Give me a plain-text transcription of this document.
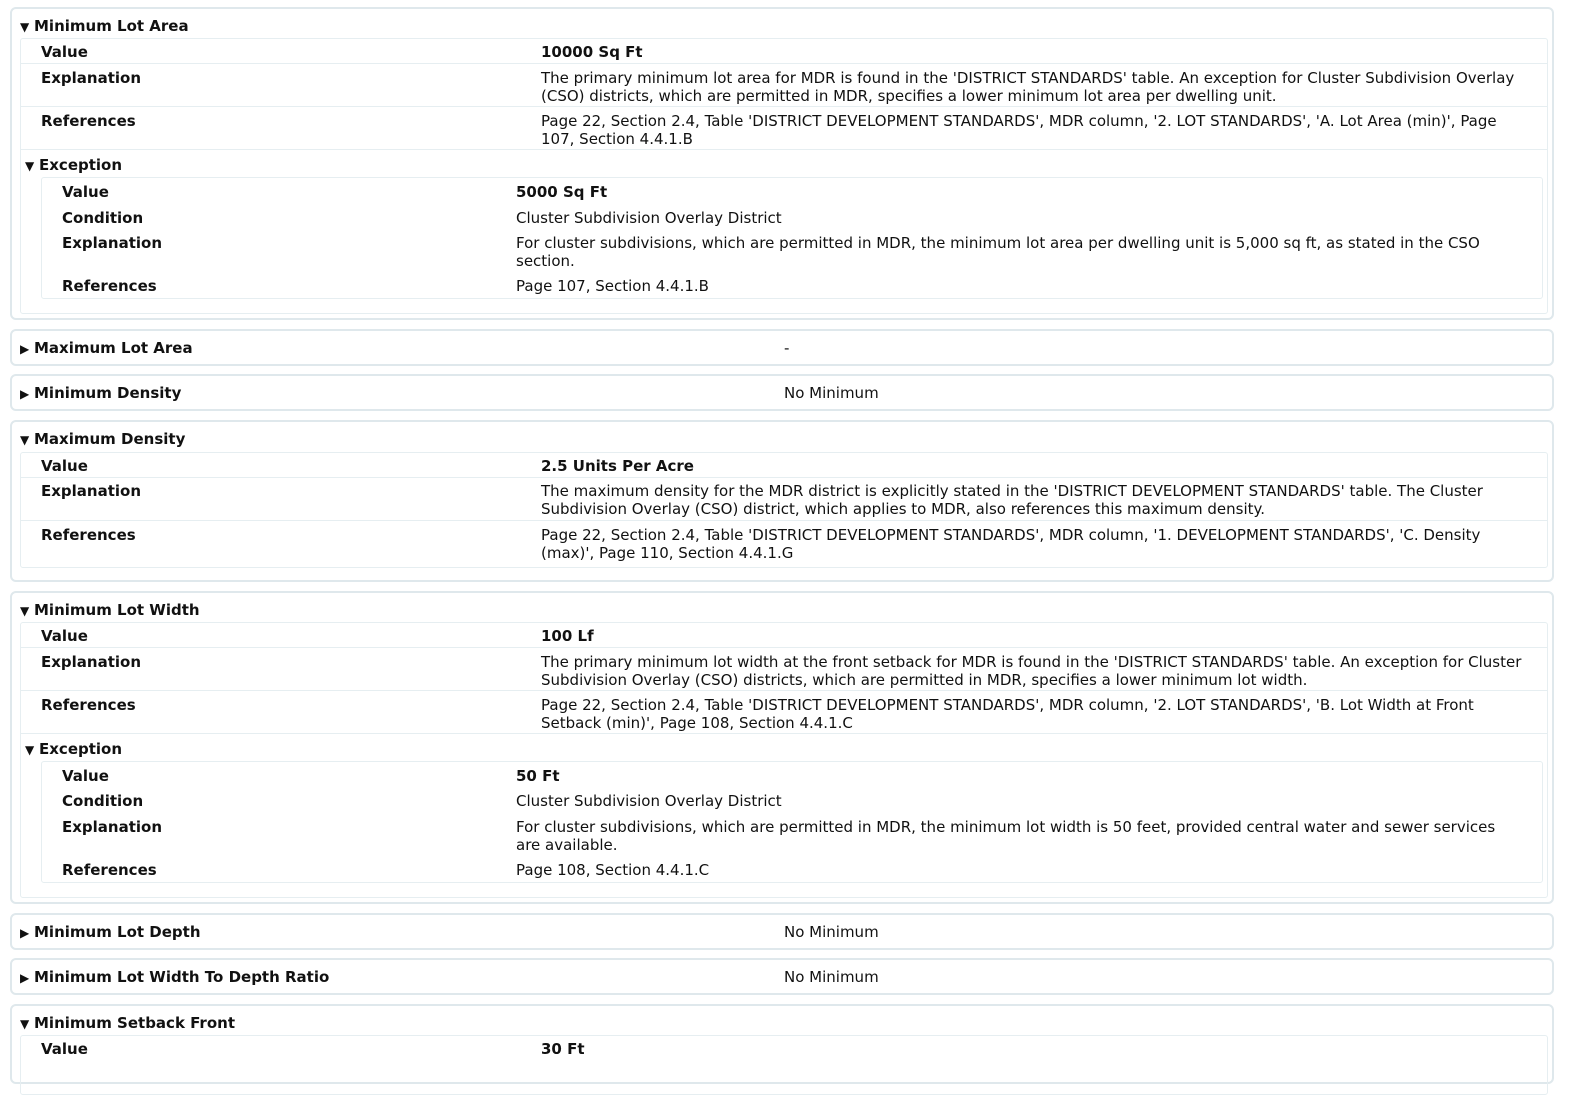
▼ Minimum Lot Area
Value	10000 Sq Ft
Explanation	The primary minimum lot area for MDR is found in the 'DISTRICT STANDARDS' table. An exception for Cluster Subdivision Overlay (CSO) districts, which are permitted in MDR, specifies a lower minimum lot area per dwelling unit.
References	Page 22, Section 2.4, Table 'DISTRICT DEVELOPMENT STANDARDS', MDR column, '2. LOT STANDARDS', 'A. Lot Area (min)', Page 107, Section 4.4.1.B
▼ Exception
Value	5000 Sq Ft
Condition	Cluster Subdivision Overlay District
Explanation	For cluster subdivisions, which are permitted in MDR, the minimum lot area per dwelling unit is 5,000 sq ft, as stated in the CSO section.
References	Page 107, Section 4.4.1.B
▶ Maximum Lot Area	-
▶ Minimum Density	No Minimum
▼ Maximum Density
Value	2.5 Units Per Acre
Explanation	The maximum density for the MDR district is explicitly stated in the 'DISTRICT DEVELOPMENT STANDARDS' table. The Cluster Subdivision Overlay (CSO) district, which applies to MDR, also references this maximum density.
References	Page 22, Section 2.4, Table 'DISTRICT DEVELOPMENT STANDARDS', MDR column, '1. DEVELOPMENT STANDARDS', 'C. Density (max)', Page 110, Section 4.4.1.G
▼ Minimum Lot Width
Value	100 Lf
Explanation	The primary minimum lot width at the front setback for MDR is found in the 'DISTRICT STANDARDS' table. An exception for Cluster Subdivision Overlay (CSO) districts, which are permitted in MDR, specifies a lower minimum lot width.
References	Page 22, Section 2.4, Table 'DISTRICT DEVELOPMENT STANDARDS', MDR column, '2. LOT STANDARDS', 'B. Lot Width at Front Setback (min)', Page 108, Section 4.4.1.C
▼ Exception
Value	50 Ft
Condition	Cluster Subdivision Overlay District
Explanation	For cluster subdivisions, which are permitted in MDR, the minimum lot width is 50 feet, provided central water and sewer services are available.
References	Page 108, Section 4.4.1.C
▶ Minimum Lot Depth	No Minimum
▶ Minimum Lot Width To Depth Ratio	No Minimum
▼ Minimum Setback Front
Value	30 Ft
